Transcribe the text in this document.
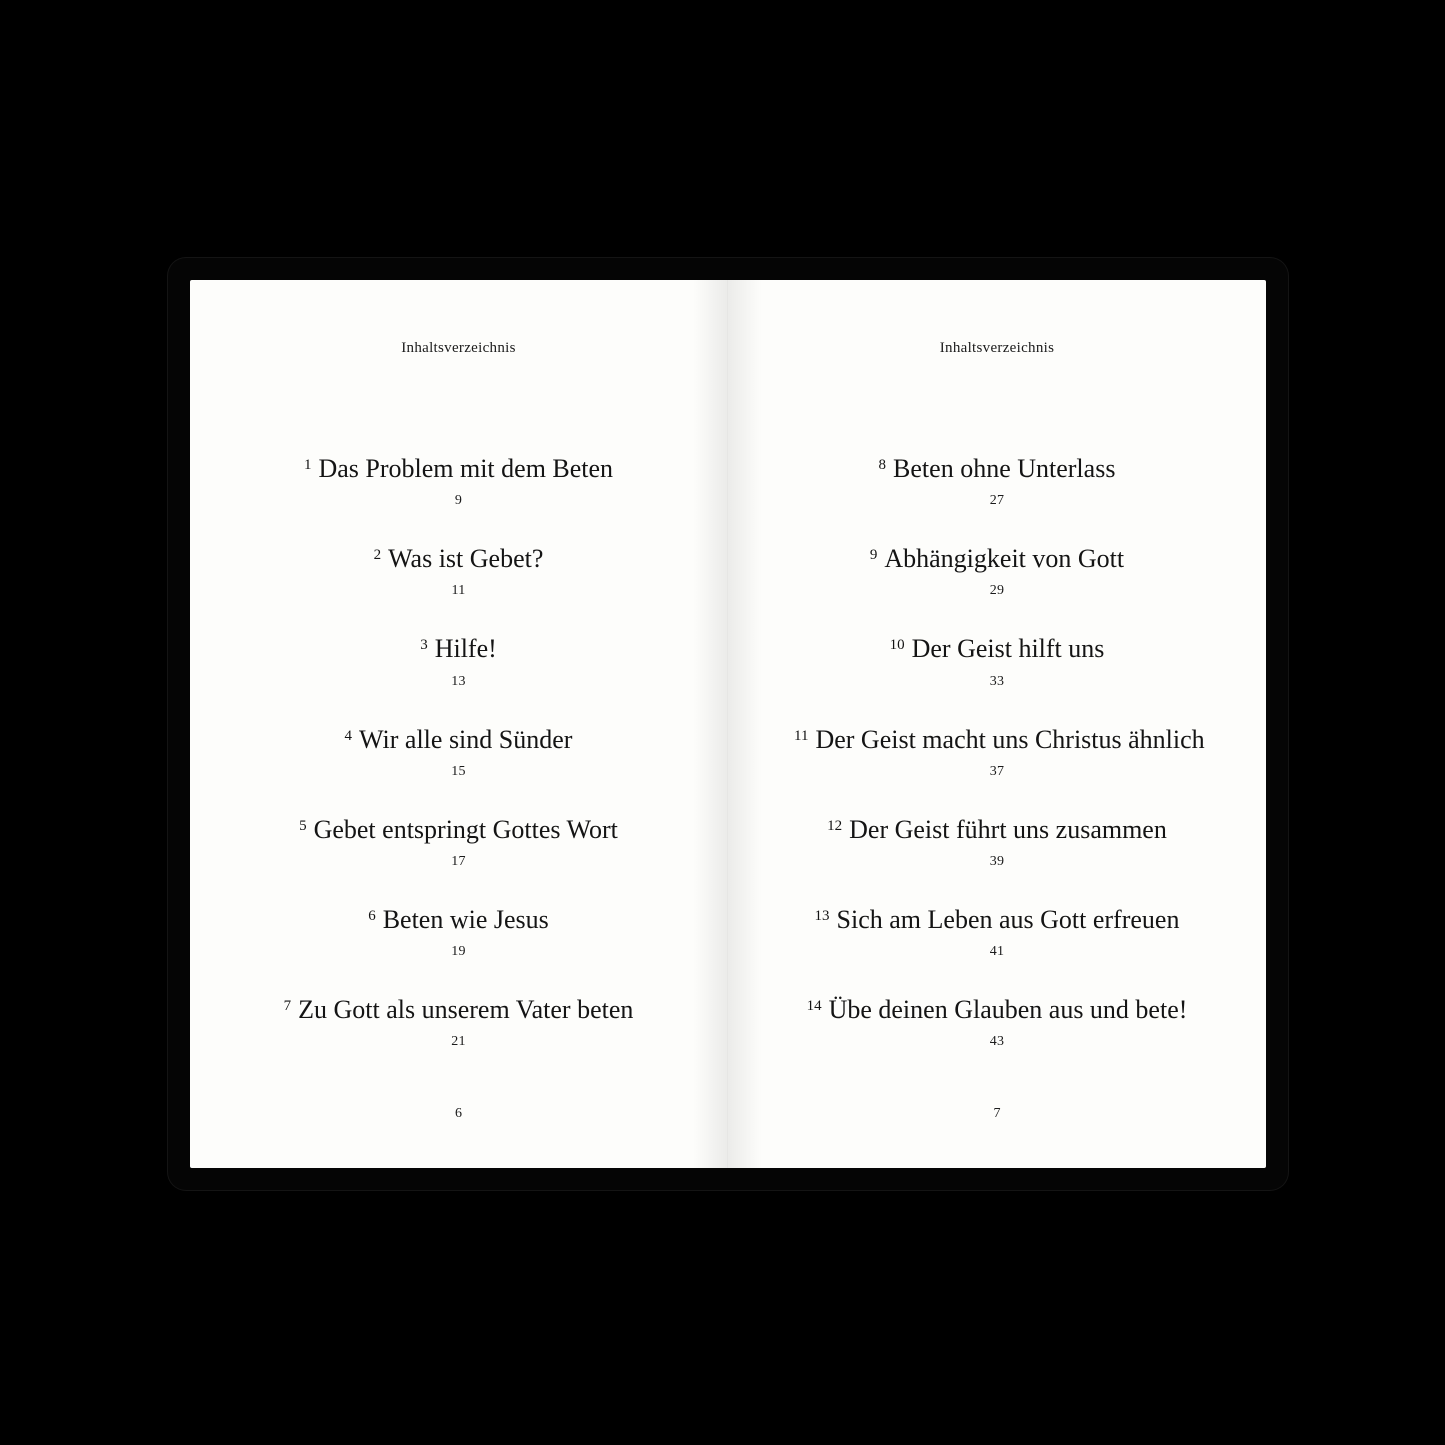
Inhaltsverzeichnis
$^1$ Das Problem mit dem Beten
9
$^2$ Was ist Gebet?
11
$^3$ Hilfe!
13
$^4$ Wir alle sind Sünder
15
$^5$ Gebet entspringt Gottes Wort
17
$^6$ Beten wie Jesus
19
$^7$ Zu Gott als unserem Vater beten
21
6
Inhaltsverzeichnis
$^8$ Beten ohne Unterlass
27
$^9$ Abhängigkeit von Gott
29
$^{10}$ Der Geist hilft uns
33
$^{11}$ Der Geist macht uns Christus ähnlich
37
$^{12}$ Der Geist führt uns zusammen
39
$^{13}$ Sich am Leben aus Gott erfreuen
41
$^{14}$ Übe deinen Glauben aus und bete!
43
7
